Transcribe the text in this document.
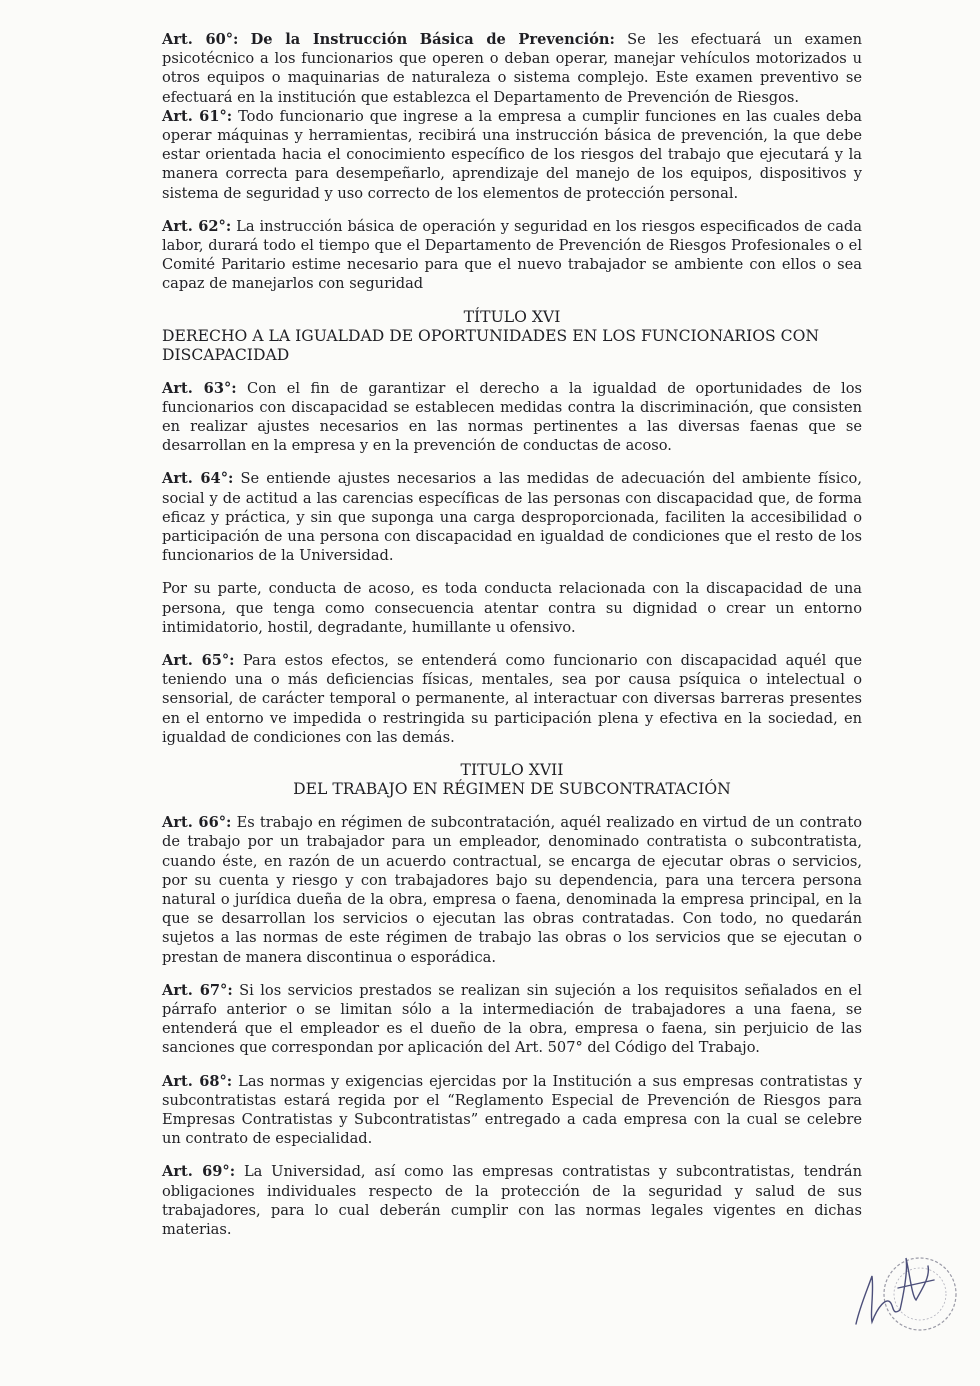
Art. 60°: De la Instrucción Básica de Prevención: Se les efectuará un examen psicotécnico a los funcionarios que operen o deban operar, manejar vehículos motorizados u otros equipos o maquinarias de naturaleza o sistema complejo. Este examen preventivo se efectuará en la institución que establezca el Departamento de Prevención de Riesgos.

Art. 61°: Todo funcionario que ingrese a la empresa a cumplir funciones en las cuales deba operar máquinas y herramientas, recibirá una instrucción básica de prevención, la que debe estar orientada hacia el conocimiento específico de los riesgos del trabajo que ejecutará y la manera correcta para desempeñarlo, aprendizaje del manejo de los equipos, dispositivos y sistema de seguridad y uso correcto de los elementos de protección personal.

Art. 62°: La instrucción básica de operación y seguridad en los riesgos especificados de cada labor, durará todo el tiempo que el Departamento de Prevención de Riesgos Profesionales o el Comité Paritario estime necesario para que el nuevo trabajador se ambiente con ellos o sea capaz de manejarlos con seguridad

TÍTULO XVI
DERECHO A LA IGUALDAD DE OPORTUNIDADES EN LOS FUNCIONARIOS CON DISCAPACIDAD

Art. 63°: Con el fin de garantizar el derecho a la igualdad de oportunidades de los funcionarios con discapacidad se establecen medidas contra la discriminación, que consisten en realizar ajustes necesarios en las normas pertinentes a las diversas faenas que se desarrollan en la empresa y en la prevención de conductas de acoso.

Art. 64°: Se entiende ajustes necesarios a las medidas de adecuación del ambiente físico, social y de actitud a las carencias específicas de las personas con discapacidad que, de forma eficaz y práctica, y sin que suponga una carga desproporcionada, faciliten la accesibilidad o participación de una persona con discapacidad en igualdad de condiciones que el resto de los funcionarios de la Universidad.

Por su parte, conducta de acoso, es toda conducta relacionada con la discapacidad de una persona, que tenga como consecuencia atentar contra su dignidad o crear un entorno intimidatorio, hostil, degradante, humillante u ofensivo.

Art. 65°: Para estos efectos, se entenderá como funcionario con discapacidad aquél que teniendo una o más deficiencias físicas, mentales, sea por causa psíquica o intelectual o sensorial, de carácter temporal o permanente, al interactuar con diversas barreras presentes en el entorno ve impedida o restringida su participación plena y efectiva en la sociedad, en igualdad de condiciones con las demás.

TITULO XVII
DEL TRABAJO EN RÉGIMEN DE SUBCONTRATACIÓN

Art. 66°: Es trabajo en régimen de subcontratación, aquél realizado en virtud de un contrato de trabajo por un trabajador para un empleador, denominado contratista o subcontratista, cuando éste, en razón de un acuerdo contractual, se encarga de ejecutar obras o servicios, por su cuenta y riesgo y con trabajadores bajo su dependencia, para una tercera persona natural o jurídica dueña de la obra, empresa o faena, denominada la empresa principal, en la que se desarrollan los servicios o ejecutan las obras contratadas. Con todo, no quedarán sujetos a las normas de este régimen de trabajo las obras o los servicios que se ejecutan o prestan de manera discontinua o esporádica.

Art. 67°: Si los servicios prestados se realizan sin sujeción a los requisitos señalados en el párrafo anterior o se limitan sólo a la intermediación de trabajadores a una faena, se entenderá que el empleador es el dueño de la obra, empresa o faena, sin perjuicio de las sanciones que correspondan por aplicación del Art. 507° del Código del Trabajo.

Art. 68°: Las normas y exigencias ejercidas por la Institución a sus empresas contratistas y subcontratistas estará regida por el “Reglamento Especial de Prevención de Riesgos para Empresas Contratistas y Subcontratistas” entregado a cada empresa con la cual se celebre un contrato de especialidad.

Art. 69°: La Universidad, así como las empresas contratistas y subcontratistas, tendrán obligaciones individuales respecto de la protección de la seguridad y salud de sus trabajadores, para lo cual deberán cumplir con las normas legales vigentes en dichas materias.
